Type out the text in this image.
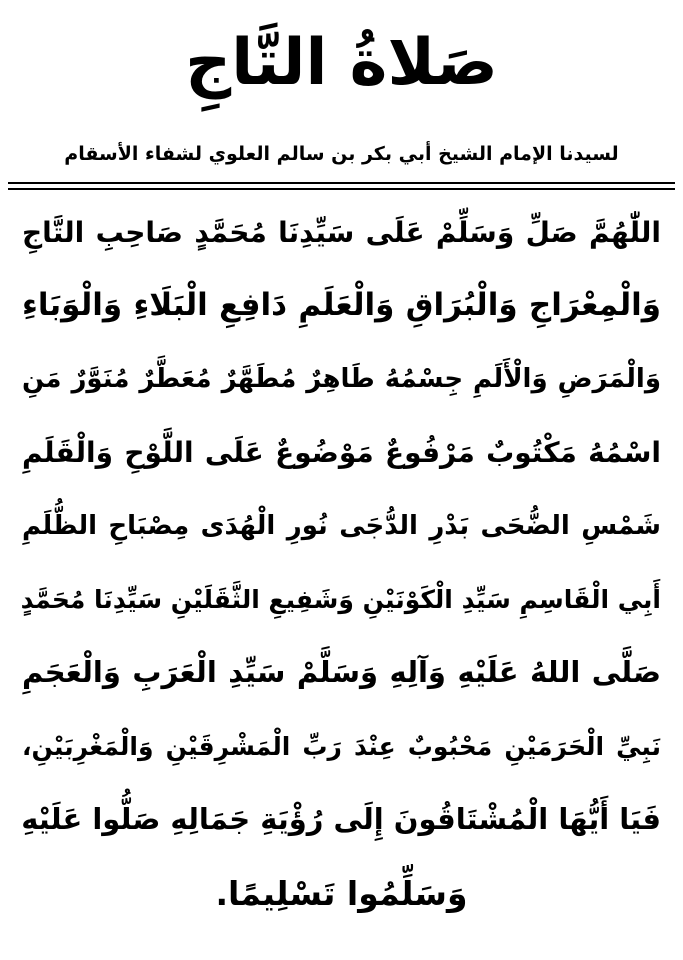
صَلاةُ التَّاجِ

لسيدنا الإمام الشيخ أبي بكر بن سالم العلوي لشفاء الأسقام

اللّٰهُمَّ صَلِّ وَسَلِّمْ عَلَى سَيِّدِنَا مُحَمَّدٍ صَاحِبِ التَّاجِ
وَالْمِعْرَاجِ وَالْبُرَاقِ وَالْعَلَمِ دَافِعِ الْبَلَاءِ وَالْوَبَاءِ
وَالْمَرَضِ وَالْأَلَمِ جِسْمُهُ طَاهِرٌ مُطَهَّرٌ مُعَطَّرٌ مُنَوَّرٌ مَنِ
اسْمُهُ مَكْتُوبٌ مَرْفُوعٌ مَوْضُوعٌ عَلَى اللَّوْحِ وَالْقَلَمِ
شَمْسِ الضُّحَى بَدْرِ الدُّجَى نُورِ الْهُدَى مِصْبَاحِ الظُّلَمِ
أَبِي الْقَاسِمِ سَيِّدِ الْكَوْنَيْنِ وَشَفِيعِ الثَّقَلَيْنِ سَيِّدِنَا مُحَمَّدٍ
صَلَّى اللهُ عَلَيْهِ وَآلِهِ وَسَلَّمْ سَيِّدِ الْعَرَبِ وَالْعَجَمِ
نَبِيِّ الْحَرَمَيْنِ مَحْبُوبٌ عِنْدَ رَبِّ الْمَشْرِقَيْنِ وَالْمَغْرِبَيْنِ،
فَيَا أَيُّهَا الْمُشْتَاقُونَ إِلَى رُؤْيَةِ جَمَالِهِ صَلُّوا عَلَيْهِ
وَسَلِّمُوا تَسْلِيمًا.
